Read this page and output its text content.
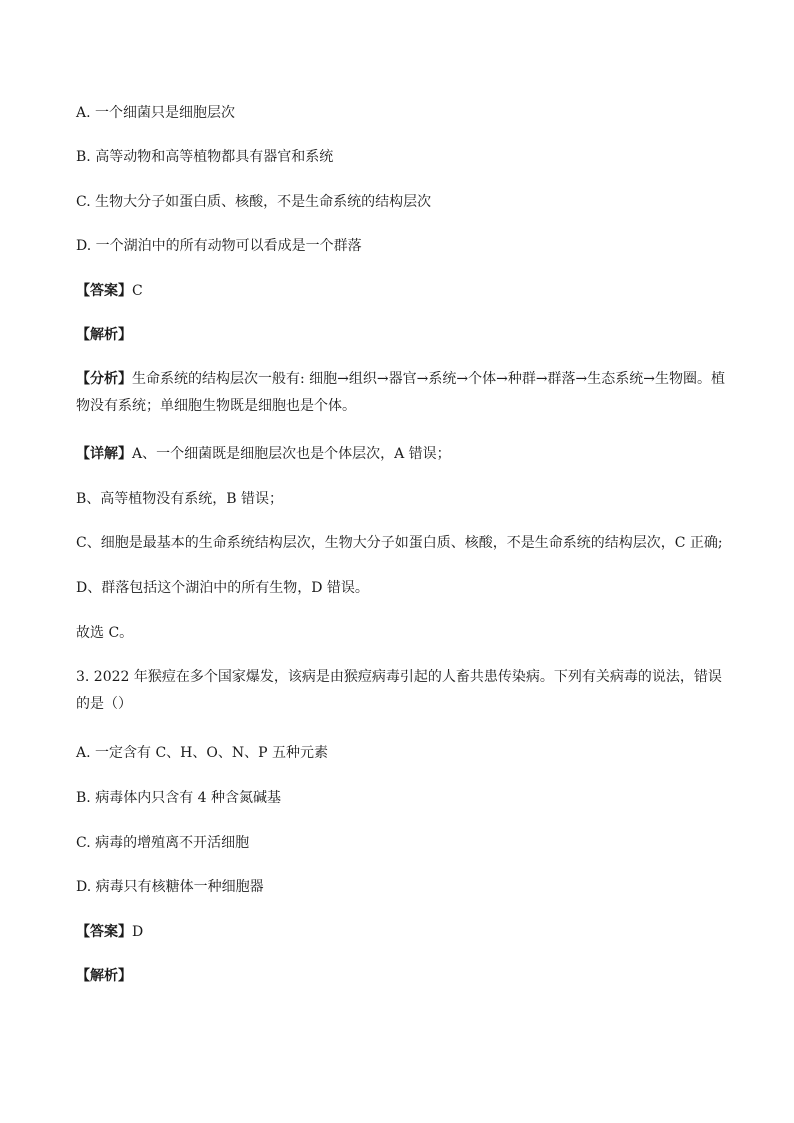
A. 一个细菌只是细胞层次
B. 高等动物和高等植物都具有器官和系统
C. 生物大分子如蛋白质、核酸，不是生命系统的结构层次
D. 一个湖泊中的所有动物可以看成是一个群落
【答案】C
【解析】
【分析】生命系统的结构层次一般有: 细胞→组织→器官→系统→个体→种群→群落→生态系统→生物圈。植物没有系统；单细胞生物既是细胞也是个体。
【详解】A、一个细菌既是细胞层次也是个体层次，A 错误；
B、高等植物没有系统，B 错误；
C、细胞是最基本的生命系统结构层次，生物大分子如蛋白质、核酸，不是生命系统的结构层次，C 正确;
D、群落包括这个湖泊中的所有生物，D 错误。
故选 C。
3. 2022 年猴痘在多个国家爆发，该病是由猴痘病毒引起的人畜共患传染病。下列有关病毒的说法，错误的是（）
A. 一定含有 C、H、O、N、P 五种元素
B. 病毒体内只含有 4 种含氮碱基
C. 病毒的增殖离不开活细胞
D. 病毒只有核糖体一种细胞器
【答案】D
【解析】
